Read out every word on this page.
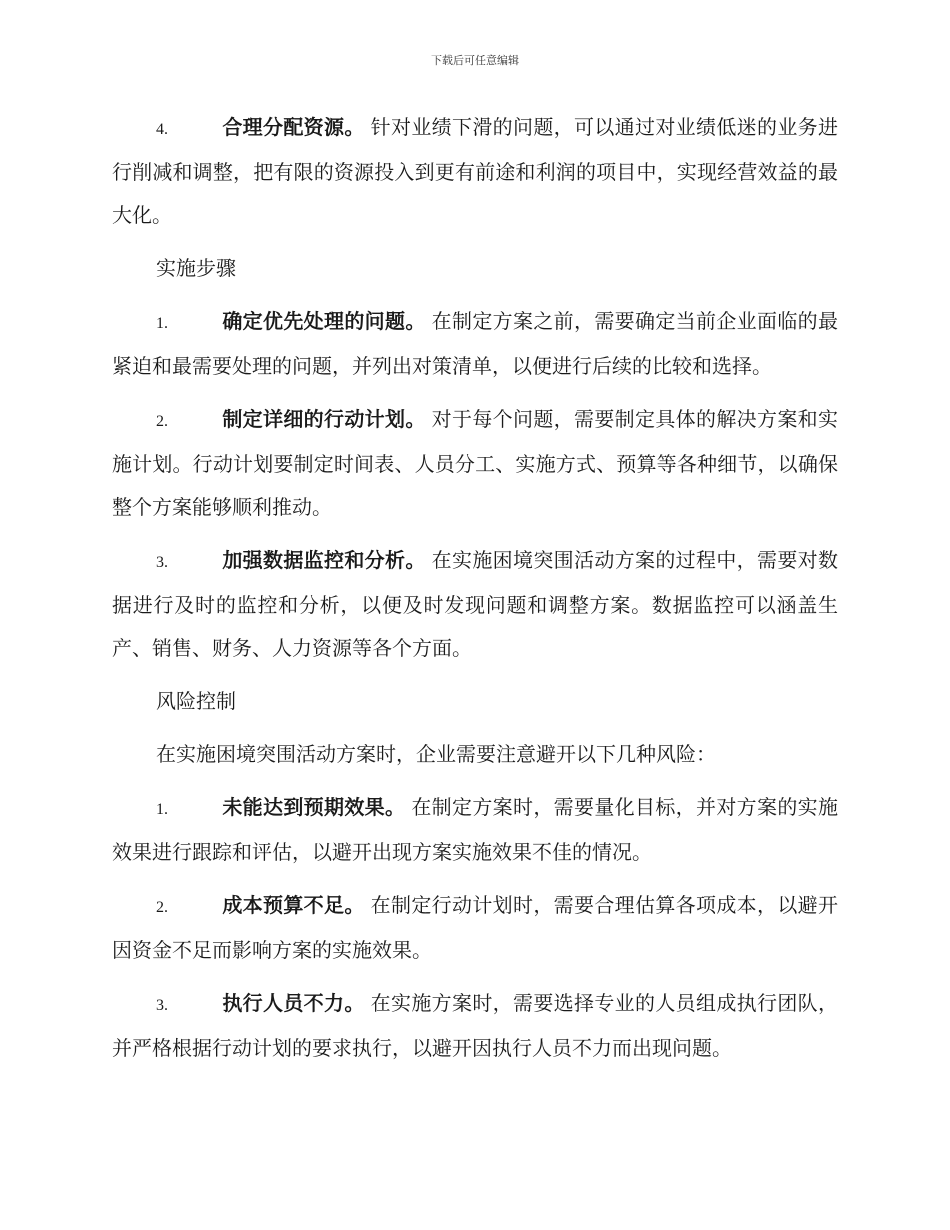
下载后可任意编辑

4.	合理分配资源。 针对业绩下滑的问题，可以通过对业绩低迷的业务进行削减和调整，把有限的资源投入到更有前途和利润的项目中，实现经营效益的最大化。

实施步骤

1.	确定优先处理的问题。 在制定方案之前，需要确定当前企业面临的最紧迫和最需要处理的问题，并列出对策清单，以便进行后续的比较和选择。

2.	制定详细的行动计划。 对于每个问题，需要制定具体的解决方案和实施计划。行动计划要制定时间表、人员分工、实施方式、预算等各种细节，以确保整个方案能够顺利推动。

3.	加强数据监控和分析。 在实施困境突围活动方案的过程中，需要对数据进行及时的监控和分析，以便及时发现问题和调整方案。数据监控可以涵盖生产、销售、财务、人力资源等各个方面。

风险控制

在实施困境突围活动方案时，企业需要注意避开以下几种风险：

1.	未能达到预期效果。 在制定方案时，需要量化目标，并对方案的实施效果进行跟踪和评估，以避开出现方案实施效果不佳的情况。

2.	成本预算不足。 在制定行动计划时，需要合理估算各项成本，以避开因资金不足而影响方案的实施效果。

3.	执行人员不力。 在实施方案时，需要选择专业的人员组成执行团队，并严格根据行动计划的要求执行，以避开因执行人员不力而出现问题。
